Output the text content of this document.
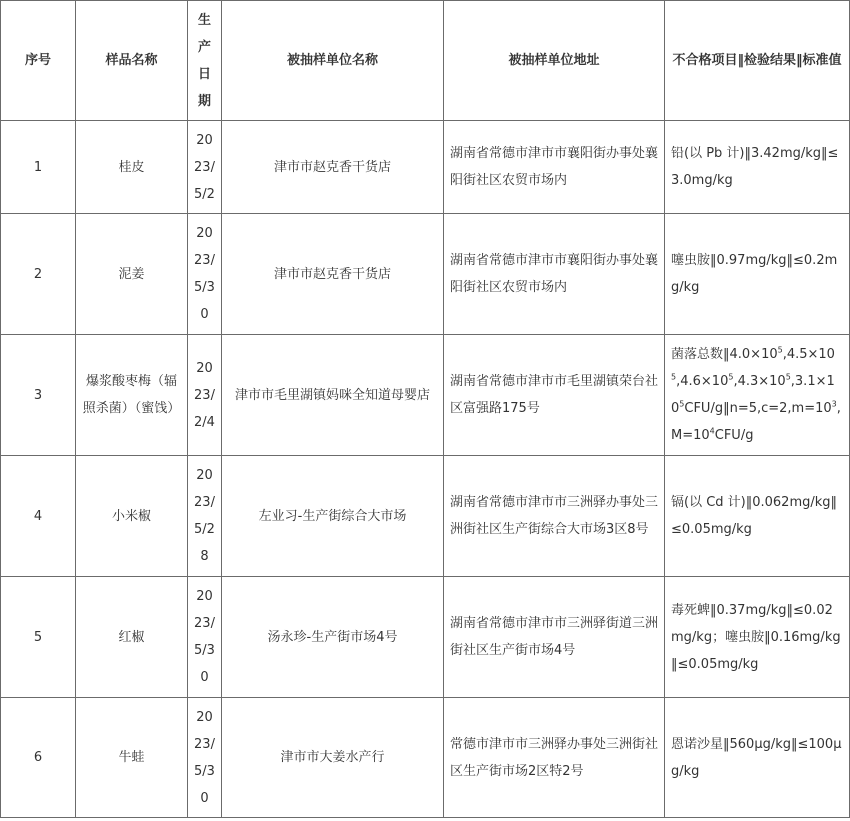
序号	样品名称	生产日期	被抽样单位名称	被抽样单位地址	不合格项目‖检验结果‖标准值
1	桂皮	2023/5/2	津市市赵克香干货店	湖南省常德市津市市襄阳街办事处襄阳街社区农贸市场内	铅(以 Pb 计)‖3.42mg/kg‖≤3.0mg/kg
2	泥姜	2023/5/30	津市市赵克香干货店	湖南省常德市津市市襄阳街办事处襄阳街社区农贸市场内	噻虫胺‖0.97mg/kg‖≤0.2mg/kg
3	爆浆酸枣梅（辐照杀菌）（蜜饯）	2023/2/4	津市市毛里湖镇妈咪全知道母婴店	湖南省常德市津市市毛里湖镇荣台社区富强路175号	菌落总数$‖4.0\times 10^5,4.5\times 10^5,4.6\times 10^5,4.3\times 10^5,3.1\times 10^5CFU/g‖n=5,c=2,m=10^3,M=10^4CFU/g$
4	小米椒	2023/5/28	左业习-生产街综合大市场	湖南省常德市津市市三洲驿办事处三洲街社区生产街综合大市场3区8号	镉(以 Cd 计)‖0.062mg/kg‖≤0.05mg/kg
5	红椒	2023/5/30	汤永珍-生产街市场4号	湖南省常德市津市市三洲驿街道三洲街社区生产街市场4号	毒死蜱‖0.37mg/kg‖≤0.02mg/kg；噻虫胺‖0.16mg/kg‖≤0.05mg/kg
6	牛蛙	2023/5/30	津市市大姜水产行	常德市津市市三洲驿办事处三洲街社区生产街市场2区特2号	恩诺沙星‖560μg/kg‖≤100μg/kg
